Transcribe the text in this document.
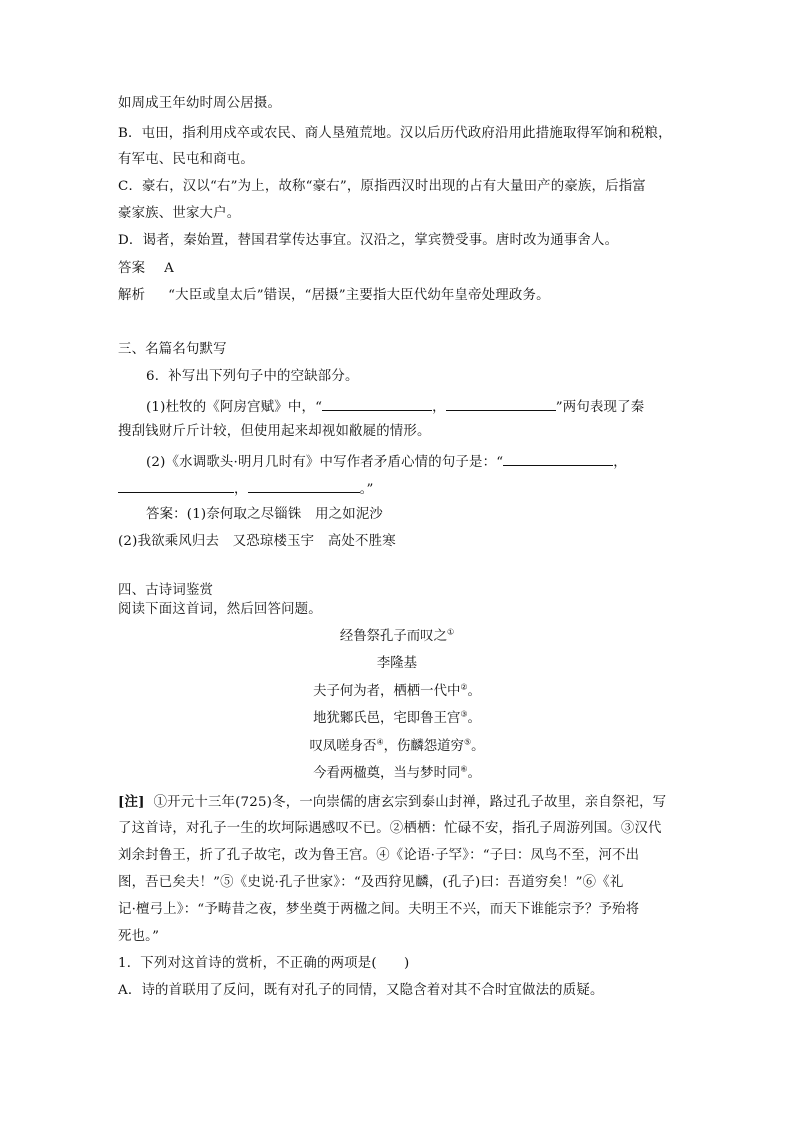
如周成王年幼时周公居摄。
B．屯田，指利用戍卒或农民、商人垦殖荒地。汉以后历代政府沿用此措施取得军饷和税粮，
有军屯、民屯和商屯。
C．豪右，汉以“右”为上，故称“豪右”，原指西汉时出现的占有大量田产的豪族，后指富
豪家族、世家大户。
D．谒者，秦始置，替国君掌传达事宜。汉沿之，掌宾赞受事。唐时改为通事舍人。
答案 A
解析 “大臣或皇太后”错误，“居摄”主要指大臣代幼年皇帝处理政务。
三、名篇名句默写
6．补写出下列句子中的空缺部分。
(1)杜牧的《阿房宫赋》中，“	，	”两句表现了秦
搜刮钱财斤斤计较，但使用起来却视如敝屣的情形。
(2)《水调歌头·明月几时有》中写作者矛盾心情的句子是：“	，
，	。”
答案：(1)奈何取之尽锱铢　用之如泥沙
(2)我欲乘风归去　又恐琼楼玉宇　高处不胜寒
四、古诗词鉴赏
阅读下面这首词，然后回答问题。
经鲁祭孔子而叹之①
李隆基
夫子何为者，栖栖一代中②。
地犹鄹氏邑，宅即鲁王宫③。
叹凤嗟身否④，伤麟怨道穷⑤。
今看两楹奠，当与梦时同⑥。
[注] ①开元十三年(725)冬，一向崇儒的唐玄宗到泰山封禅，路过孔子故里，亲自祭祀，写
了这首诗，对孔子一生的坎坷际遇感叹不已。②栖栖：忙碌不安，指孔子周游列国。③汉代
刘余封鲁王，折了孔子故宅，改为鲁王宫。④《论语·子罕》：“子曰：凤鸟不至，河不出
图，吾已矣夫！”⑤《史说·孔子世家》：“及西狩见麟，(孔子)曰：吾道穷矣！”⑥《礼
记·檀弓上》：“予畴昔之夜，梦坐奠于两楹之间。夫明王不兴，而天下谁能宗予？予殆将
死也。”
1．下列对这首诗的赏析，不正确的两项是(　　)
A．诗的首联用了反问，既有对孔子的同情，又隐含着对其不合时宜做法的质疑。
